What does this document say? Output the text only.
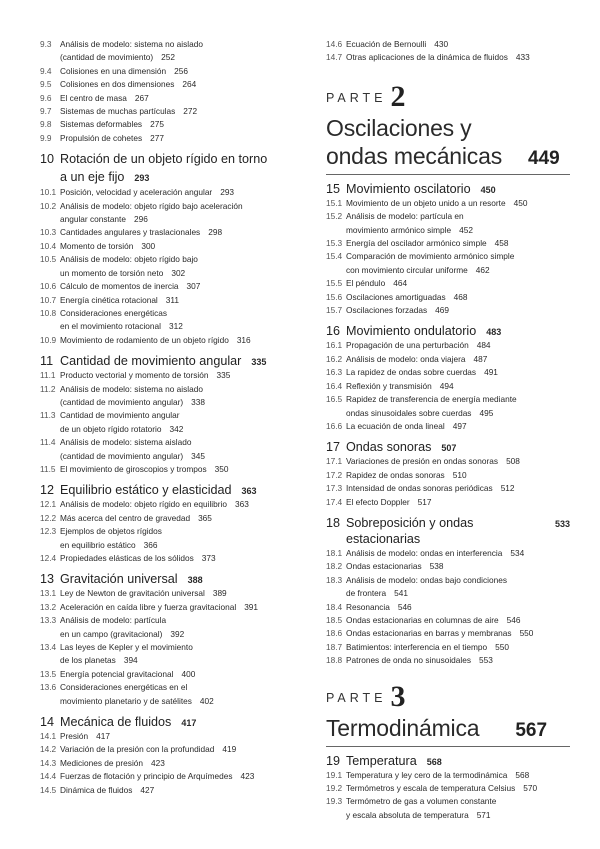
9.3	Análisis de modelo: sistema no aislado
(cantidad de movimiento) 252
9.4	Colisiones en una dimensión 256
9.5	Colisiones en dos dimensiones 264
9.6	El centro de masa 267
9.7	Sistemas de muchas partículas 272
9.8	Sistemas deformables 275
9.9	Propulsión de cohetes 277
10 Rotación de un objeto rígido en torno
a un eje fijo 293
10.1 Posición, velocidad y aceleración angular 293
10.2 Análisis de modelo: objeto rígido bajo aceleración
angular constante 296
10.3 Cantidades angulares y traslacionales 298
10.4 Momento de torsión 300
10.5 Análisis de modelo: objeto rígido bajo
un momento de torsión neto 302
10.6 Cálculo de momentos de inercia 307
10.7 Energía cinética rotacional 311
10.8 Consideraciones energéticas
en el movimiento rotacional 312
10.9 Movimiento de rodamiento de un objeto rígido 316
11 Cantidad de movimiento angular 335
11.1 Producto vectorial y momento de torsión 335
11.2 Análisis de modelo: sistema no aislado
(cantidad de movimiento angular) 338
11.3 Cantidad de movimiento angular
de un objeto rígido rotatorio 342
11.4 Análisis de modelo: sistema aislado
(cantidad de movimiento angular) 345
11.5 El movimiento de giroscopios y trompos 350
12 Equilibrio estático y elasticidad 363
12.1 Análisis de modelo: objeto rígido en equilibrio 363
12.2 Más acerca del centro de gravedad 365
12.3 Ejemplos de objetos rígidos
en equilibrio estático 366
12.4 Propiedades elásticas de los sólidos 373
13 Gravitación universal 388
13.1 Ley de Newton de gravitación universal 389
13.2 Aceleración en caída libre y fuerza gravitacional 391
13.3 Análisis de modelo: partícula
en un campo (gravitacional) 392
13.4 Las leyes de Kepler y el movimiento
de los planetas 394
13.5 Energía potencial gravitacional 400
13.6 Consideraciones energéticas en el
movimiento planetario y de satélites 402
14 Mecánica de fluidos 417
14.1 Presión 417
14.2 Variación de la presión con la profundidad 419
14.3 Mediciones de presión 423
14.4 Fuerzas de flotación y principio de Arquímedes 423
14.5 Dinámica de fluidos 427
14.6 Ecuación de Bernoulli 430
14.7 Otras aplicaciones de la dinámica de fluidos 433
PARTE 2
Oscilaciones y
ondas mecánicas 449
15 Movimiento oscilatorio 450
15.1 Movimiento de un objeto unido a un resorte 450
15.2 Análisis de modelo: partícula en
movimiento armónico simple 452
15.3 Energía del oscilador armónico simple 458
15.4 Comparación de movimiento armónico simple
con movimiento circular uniforme 462
15.5 El péndulo 464
15.6 Oscilaciones amortiguadas 468
15.7 Oscilaciones forzadas 469
16 Movimiento ondulatorio 483
16.1 Propagación de una perturbación 484
16.2 Análisis de modelo: onda viajera 487
16.3 La rapidez de ondas sobre cuerdas 491
16.4 Reflexión y transmisión 494
16.5 Rapidez de transferencia de energía mediante
ondas sinusoidales sobre cuerdas 495
16.6 La ecuación de onda lineal 497
17 Ondas sonoras 507
17.1 Variaciones de presión en ondas sonoras 508
17.2 Rapidez de ondas sonoras 510
17.3 Intensidad de ondas sonoras periódicas 512
17.4 El efecto Doppler 517
18 Sobreposición y ondas estacionarias
533
18.1 Análisis de modelo: ondas en interferencia 534
18.2 Ondas estacionarias 538
18.3 Análisis de modelo: ondas bajo condiciones
de frontera 541
18.4 Resonancia 546
18.5 Ondas estacionarias en columnas de aire 546
18.6 Ondas estacionarias en barras y membranas 550
18.7 Batimientos: interferencia en el tiempo 550
18.8 Patrones de onda no sinusoidales 553
PARTE 3
Termodinámica 567
19 Temperatura 568
19.1 Temperatura y ley cero de la termodinámica 568
19.2 Termómetros y escala de temperatura Celsius 570
19.3 Termómetro de gas a volumen constante
y escala absoluta de temperatura 571
